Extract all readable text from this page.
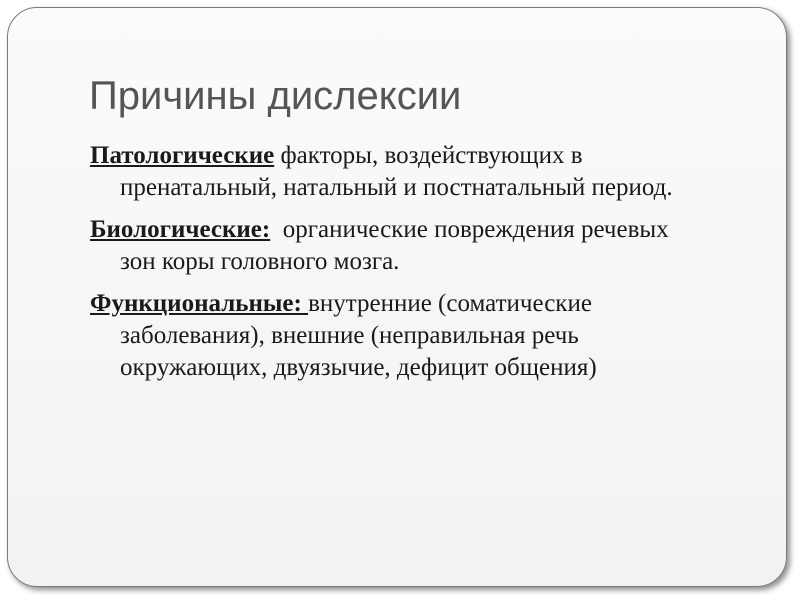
Причины дислексии
Патологические факторы, воздействующих в пренатальный, натальный и постнатальный период.
Биологические:  органические повреждения речевых зон коры головного мозга.
Функциональные: внутренние (соматические заболевания), внешние (неправильная речь окружающих, двуязычие, дефицит общения)
